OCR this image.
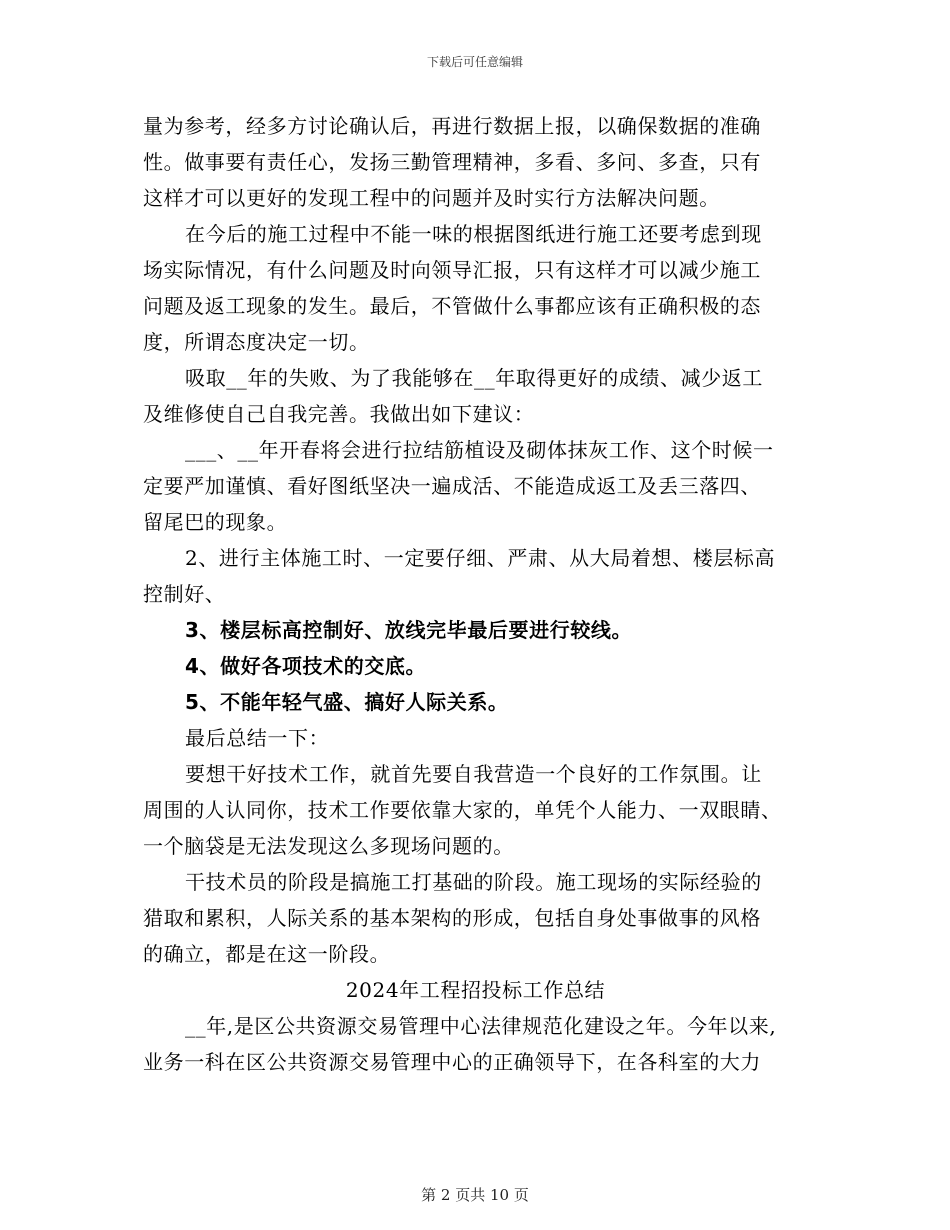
下载后可任意编辑
量为参考，经多方讨论确认后，再进行数据上报，以确保数据的准确
性。做事要有责任心，发扬三勤管理精神，多看、多问、多查，只有
这样才可以更好的发现工程中的问题并及时实行方法解决问题。
在今后的施工过程中不能一味的根据图纸进行施工还要考虑到现
场实际情况，有什么问题及时向领导汇报，只有这样才可以减少施工
问题及返工现象的发生。最后，不管做什么事都应该有正确积极的态
度，所谓态度决定一切。
吸取__年的失败、为了我能够在__年取得更好的成绩、减少返工
及维修使自己自我完善。我做出如下建议：
___、__年开春将会进行拉结筋植设及砌体抹灰工作、这个时候一
定要严加谨慎、看好图纸坚决一遍成活、不能造成返工及丢三落四、
留尾巴的现象。
2、进行主体施工时、一定要仔细、严肃、从大局着想、楼层标高
控制好、
3、楼层标高控制好、放线完毕最后要进行较线。
4、做好各项技术的交底。
5、不能年轻气盛、搞好人际关系。
最后总结一下：
要想干好技术工作，就首先要自我营造一个良好的工作氛围。让
周围的人认同你，技术工作要依靠大家的，单凭个人能力、一双眼睛、
一个脑袋是无法发现这么多现场问题的。
干技术员的阶段是搞施工打基础的阶段。施工现场的实际经验的
猎取和累积，人际关系的基本架构的形成，包括自身处事做事的风格
的确立，都是在这一阶段。
2024年工程招投标工作总结
__年,是区公共资源交易管理中心法律规范化建设之年。今年以来,
业务一科在区公共资源交易管理中心的正确领导下，在各科室的大力
第 2 页共 10 页
